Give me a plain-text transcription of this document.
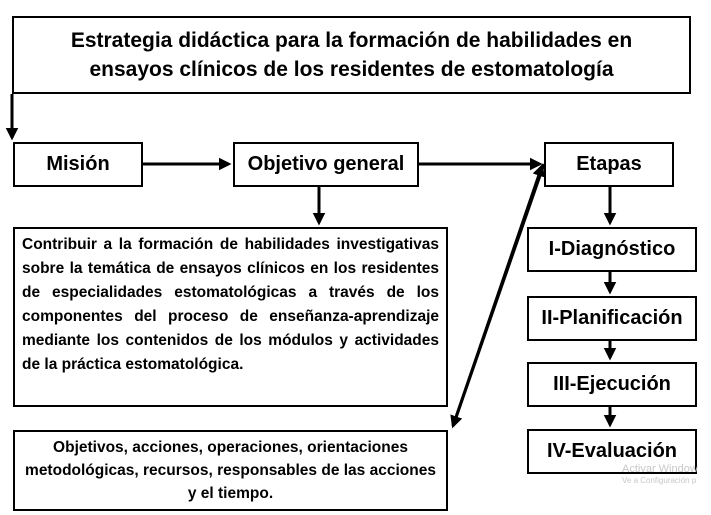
Estrategia didáctica para la formación de habilidades en ensayos clínicos de los residentes de estomatología
Misión	Objetivo general	Etapas
Contribuir a la formación de habilidades investigativas sobre la temática de ensayos clínicos en los residentes de especialidades estomatológicas a través de los componentes del proceso de enseñanza-aprendizaje mediante los contenidos de los módulos y actividades de la práctica estomatológica.
Objetivos, acciones, operaciones, orientaciones metodológicas, recursos, responsables de las acciones y el tiempo.
I-Diagnóstico
II-Planificación
III-Ejecución
IV-Evaluación
Activar Window
Ve a Configuración p
